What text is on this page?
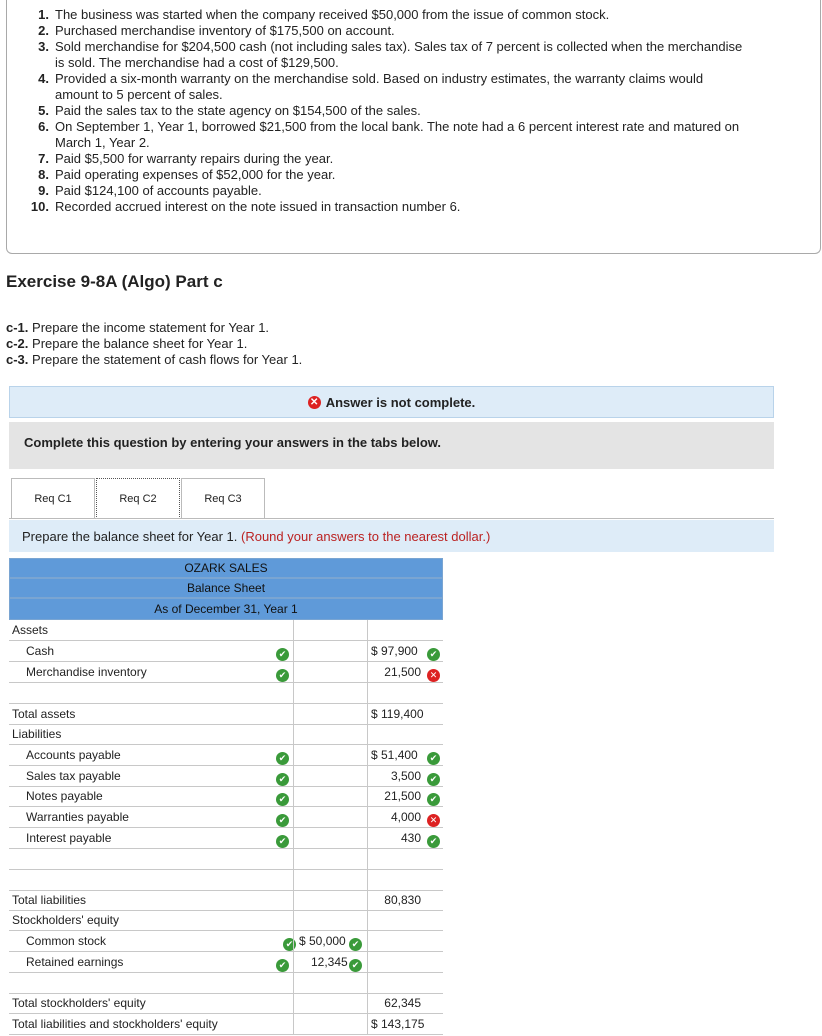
1. The business was started when the company received $50,000 from the issue of common stock.
2. Purchased merchandise inventory of $175,500 on account.
3. Sold merchandise for $204,500 cash (not including sales tax). Sales tax of 7 percent is collected when the merchandise
is sold. The merchandise had a cost of $129,500.
4. Provided a six-month warranty on the merchandise sold. Based on industry estimates, the warranty claims would
amount to 5 percent of sales.
5. Paid the sales tax to the state agency on $154,500 of the sales.
6. On September 1, Year 1, borrowed $21,500 from the local bank. The note had a 6 percent interest rate and matured on
March 1, Year 2.
7. Paid $5,500 for warranty repairs during the year.
8. Paid operating expenses of $52,000 for the year.
9. Paid $124,100 of accounts payable.
10. Recorded accrued interest on the note issued in transaction number 6.
Exercise 9-8A (Algo) Part c
c-1. Prepare the income statement for Year 1.
c-2. Prepare the balance sheet for Year 1.
c-3. Prepare the statement of cash flows for Year 1.
✕ Answer is not complete.
Complete this question by entering your answers in the tabs below.
Req C1	Req C2	Req C3
Prepare the balance sheet for Year 1. (Round your answers to the nearest dollar.)
OZARK SALES
Balance Sheet
As of December 31, Year 1
Assets
Cash	✔	$ 97,900	✔
Merchandise inventory	✔	21,500 ✕
Total assets	$ 119,400
Liabilities
Accounts payable	✔	$ 51,400	✔
Sales tax payable	✔	3,500 ✔
Notes payable	✔	21,500 ✔
Warranties payable	✔	4,000 ✕
Interest payable	✔	430 ✔
Total liabilities	80,830
Stockholders' equity
Common stock	✔ $ 50,000 ✔
Retained earnings	✔ 12,345 ✔
Total stockholders' equity	62,345
Total liabilities and stockholders' equity	$ 143,175
